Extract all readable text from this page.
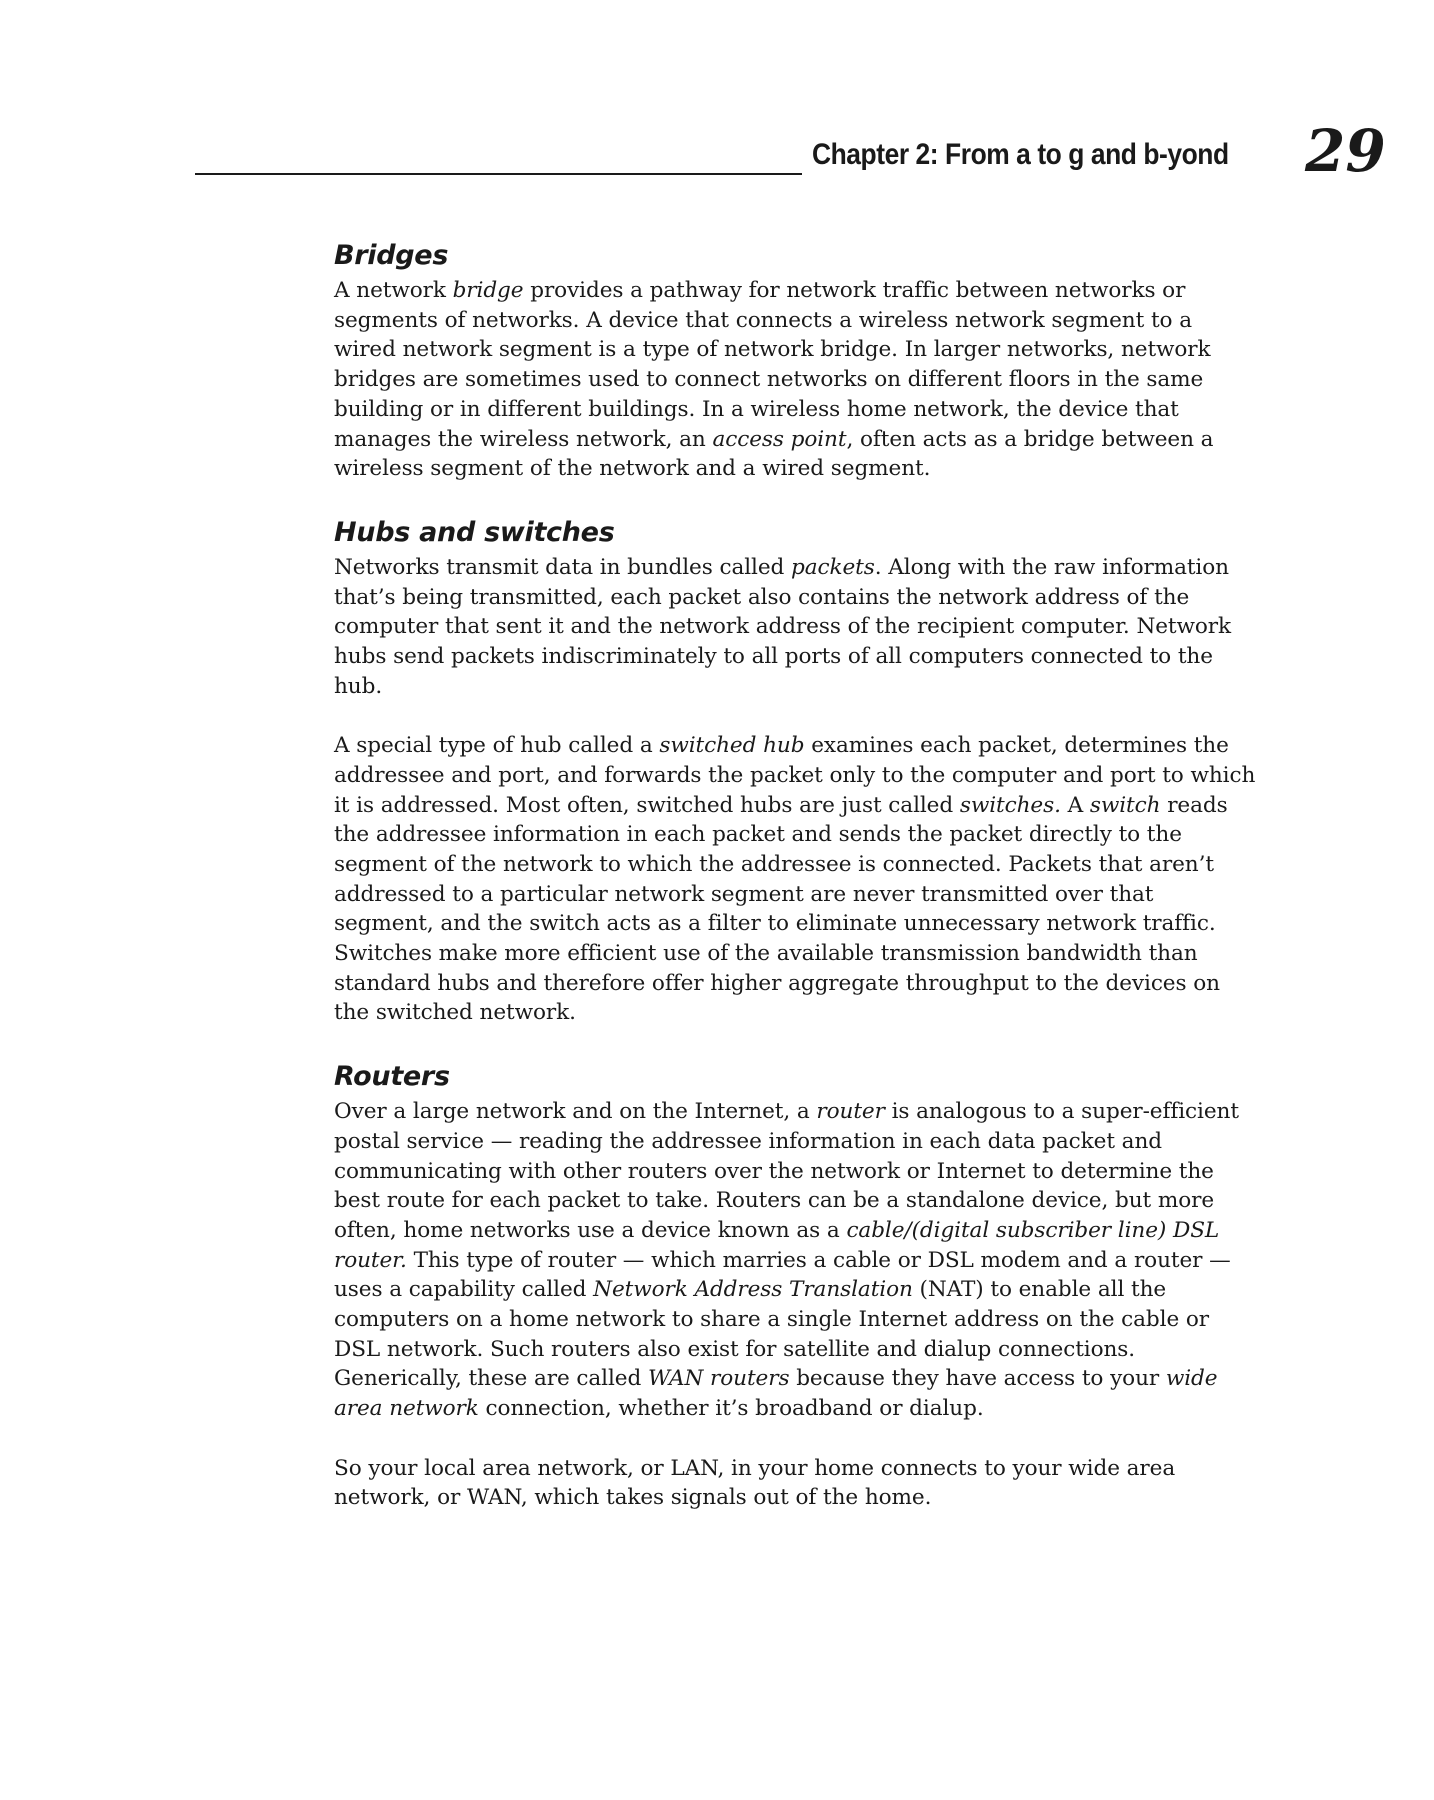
Chapter 2: From a to g and b-yond 29
Bridges

A network bridge provides a pathway for network traffic between networks or segments of networks. A device that connects a wireless network segment to a wired network segment is a type of network bridge. In larger networks, network bridges are sometimes used to connect networks on different floors in the same building or in different buildings. In a wireless home network, the device that manages the wireless network, an access point, often acts as a bridge between a wireless segment of the network and a wired segment.

Hubs and switches

Networks transmit data in bundles called packets. Along with the raw information that’s being transmitted, each packet also contains the network address of the computer that sent it and the network address of the recipient computer. Network hubs send packets indiscriminately to all ports of all computers connected to the hub.

A special type of hub called a switched hub examines each packet, determines the addressee and port, and forwards the packet only to the computer and port to which it is addressed. Most often, switched hubs are just called switches. A switch reads the addressee information in each packet and sends the packet directly to the segment of the network to which the addressee is connected. Packets that aren’t addressed to a particular network segment are never transmitted over that segment, and the switch acts as a filter to eliminate unnecessary network traffic. Switches make more efficient use of the available transmission bandwidth than standard hubs and therefore offer higher aggregate throughput to the devices on the switched network.

Routers

Over a large network and on the Internet, a router is analogous to a super-efficient postal service — reading the addressee information in each data packet and communicating with other routers over the network or Internet to determine the best route for each packet to take. Routers can be a standalone device, but more often, home networks use a device known as a cable/(digital subscriber line) DSL router. This type of router — which marries a cable or DSL modem and a router — uses a capability called Network Address Translation (NAT) to enable all the computers on a home network to share a single Internet address on the cable or DSL network. Such routers also exist for satellite and dialup connections. Generically, these are called WAN routers because they have access to your wide area network connection, whether it’s broadband or dialup.

So your local area network, or LAN, in your home connects to your wide area network, or WAN, which takes signals out of the home.
